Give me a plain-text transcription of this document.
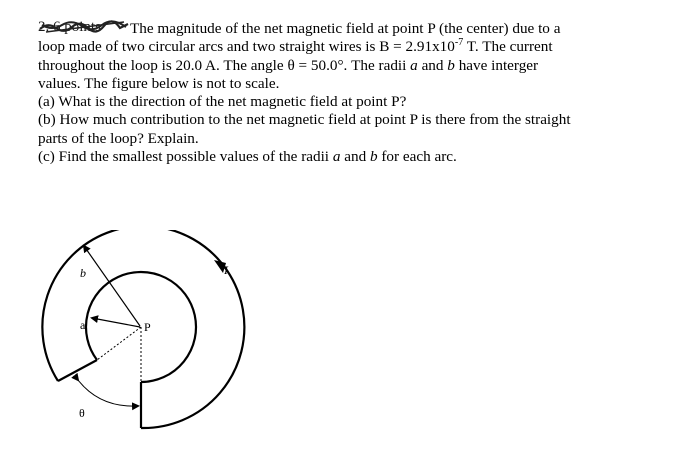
2. 6 points The magnitude of the net magnetic field at point P (the center) due to a
loop made of two circular arcs and two straight wires is $B = 2.91x10^{-7}$ T. The current
throughout the loop is 20.0 A. The angle θ = 50.0°. The radii a and b have interger
values. The figure below is not to scale.
(a) What is the direction of the net magnetic field at point P?
(b) How much contribution to the net magnetic field at point P is there from the straight
parts of the loop? Explain.
(c) Find the smallest possible values of the radii a and b for each arc.
b
a	P
I
θ
